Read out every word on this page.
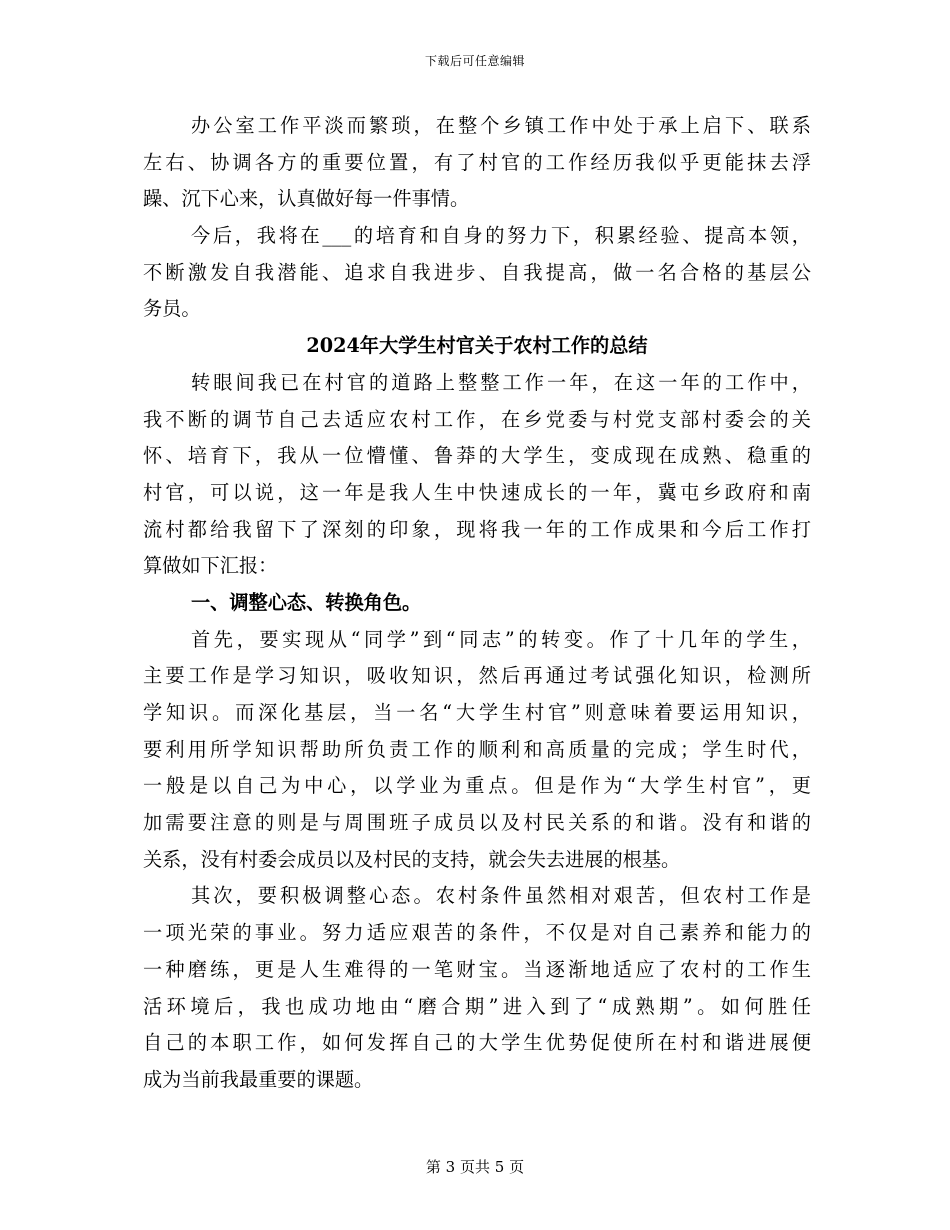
下载后可任意编辑
办公室工作平淡而繁琐，在整个乡镇工作中处于承上启下、联系
左右、协调各方的重要位置，有了村官的工作经历我似乎更能抹去浮
躁、沉下心来，认真做好每一件事情。
今后，我将在___的培育和自身的努力下，积累经验、提高本领，
不断激发自我潜能、追求自我进步、自我提高，做一名合格的基层公
务员。
2024年大学生村官关于农村工作的总结
转眼间我已在村官的道路上整整工作一年，在这一年的工作中，
我不断的调节自己去适应农村工作，在乡党委与村党支部村委会的关
怀、培育下，我从一位懵懂、鲁莽的大学生，变成现在成熟、稳重的
村官，可以说，这一年是我人生中快速成长的一年，冀屯乡政府和南
流村都给我留下了深刻的印象，现将我一年的工作成果和今后工作打
算做如下汇报：
一、调整心态、转换角色。
首先，要实现从“同学”到“同志”的转变。作了十几年的学生，
主要工作是学习知识，吸收知识，然后再通过考试强化知识，检测所
学知识。而深化基层，当一名“大学生村官”则意味着要运用知识，
要利用所学知识帮助所负责工作的顺利和高质量的完成；学生时代，
一般是以自己为中心，以学业为重点。但是作为“大学生村官”，更
加需要注意的则是与周围班子成员以及村民关系的和谐。没有和谐的
关系，没有村委会成员以及村民的支持，就会失去进展的根基。
其次，要积极调整心态。农村条件虽然相对艰苦，但农村工作是
一项光荣的事业。努力适应艰苦的条件，不仅是对自己素养和能力的
一种磨练，更是人生难得的一笔财宝。当逐渐地适应了农村的工作生
活环境后，我也成功地由“磨合期”进入到了“成熟期”。如何胜任
自己的本职工作，如何发挥自己的大学生优势促使所在村和谐进展便
成为当前我最重要的课题。
第 3 页共 5 页
